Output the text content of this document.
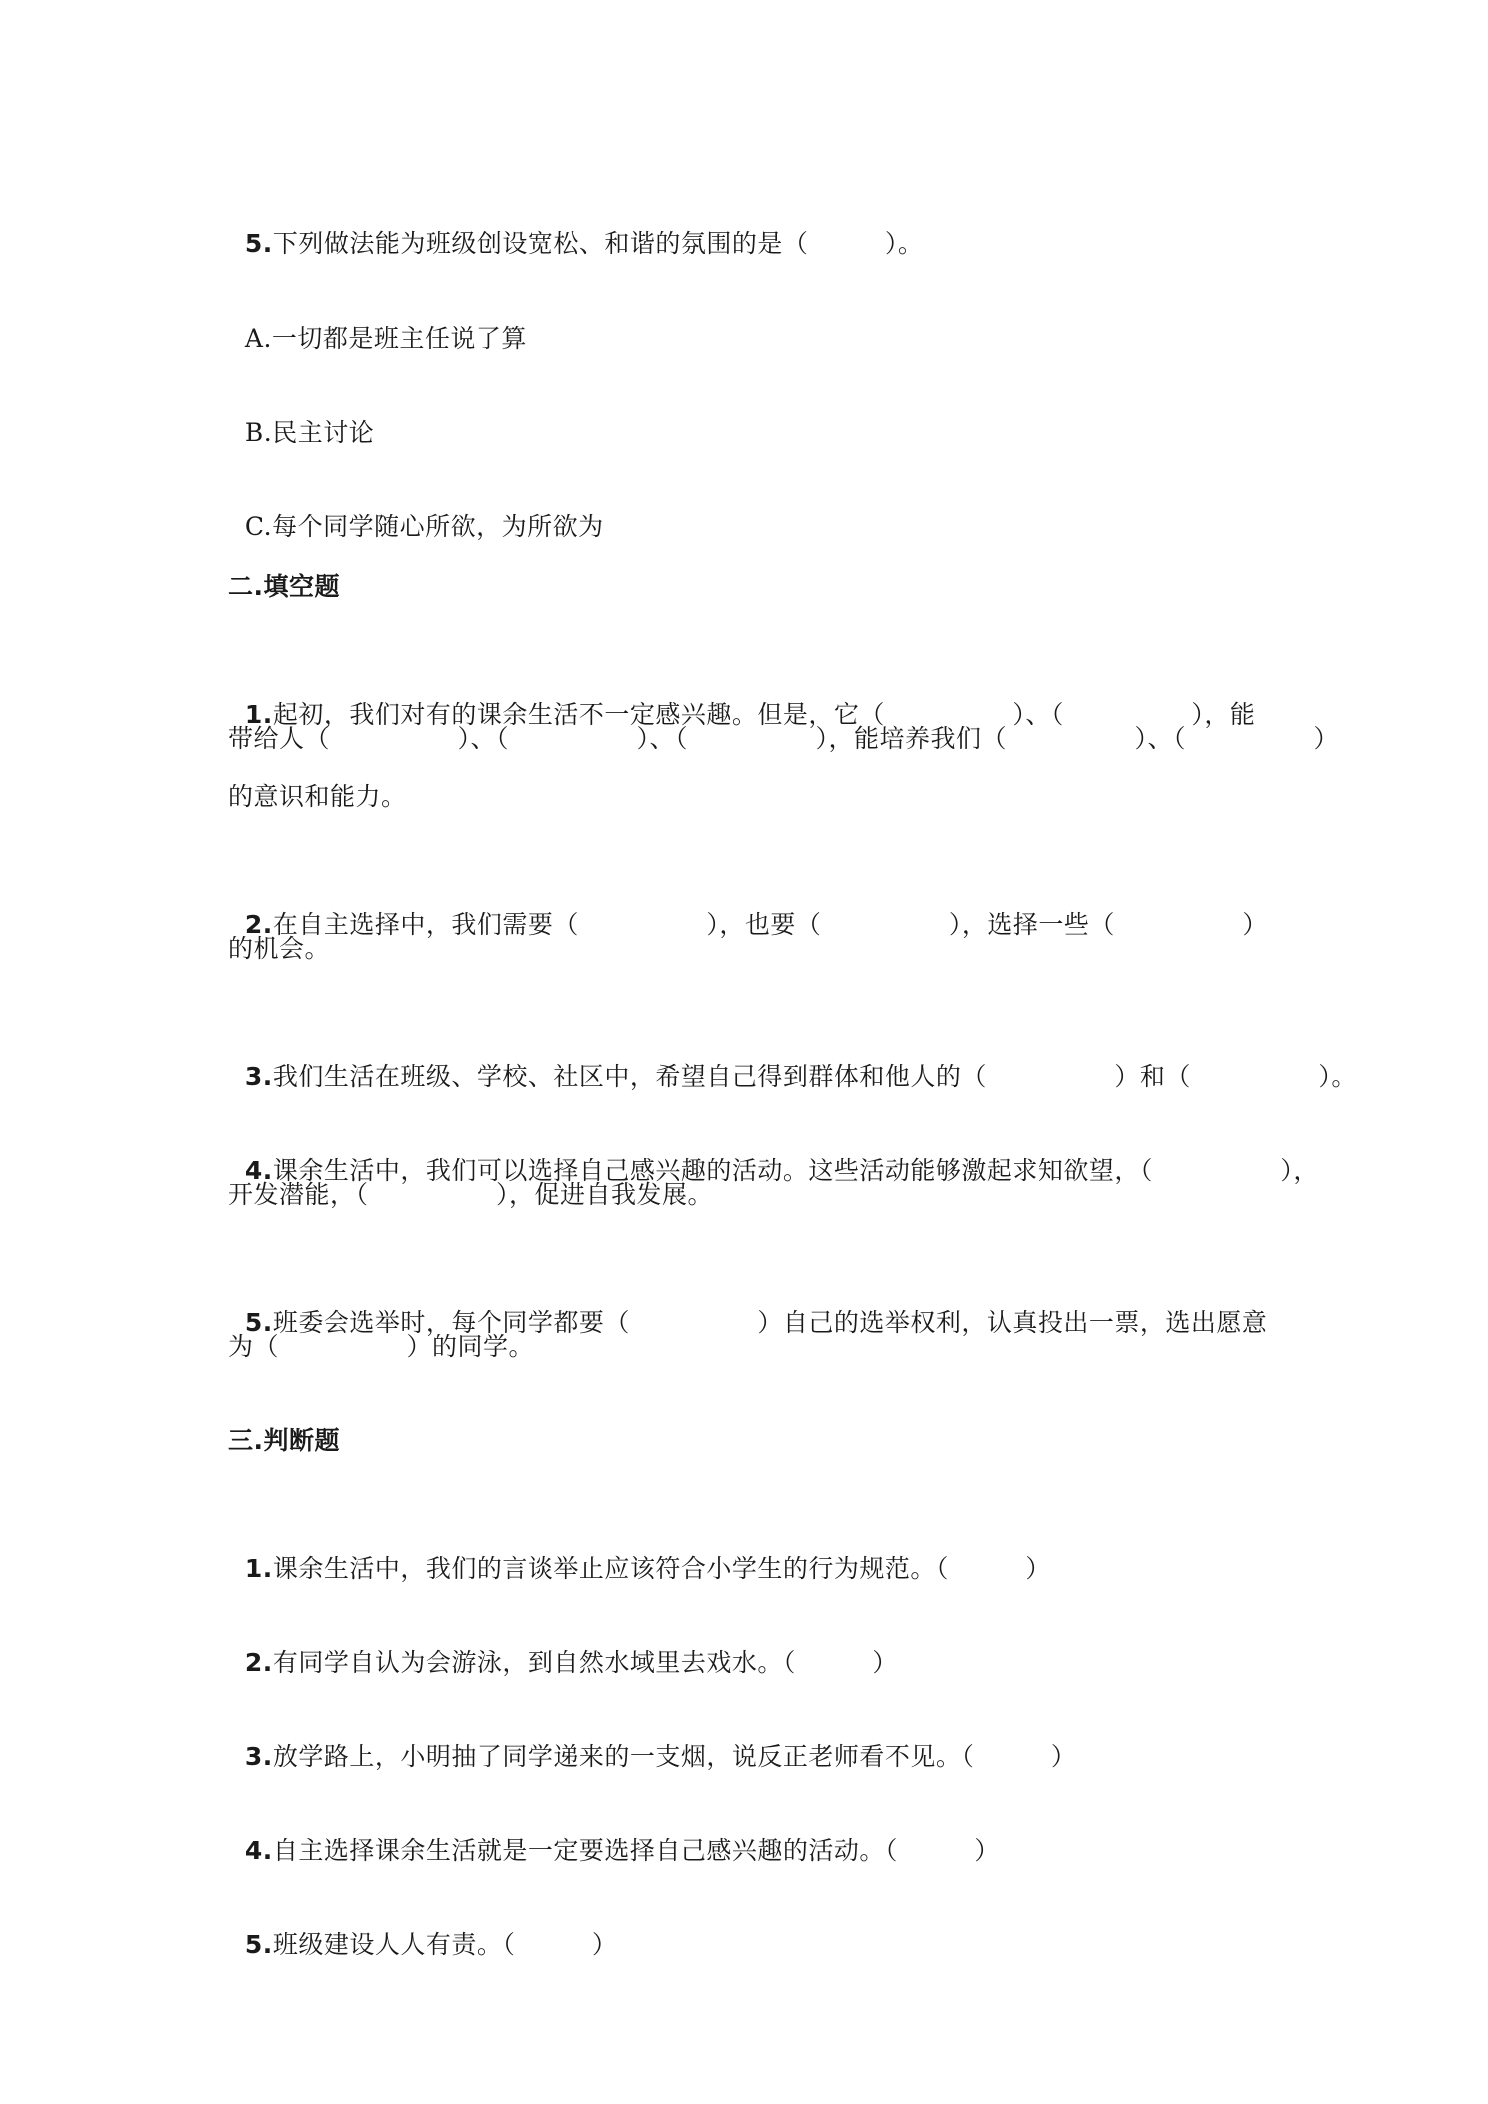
5.下列做法能为班级创设宽松、和谐的氛围的是（　　　）。

A.一切都是班主任说了算

B.民主讨论

C.每个同学随心所欲，为所欲为

二.填空题

1.起初，我们对有的课余生活不一定感兴趣。但是，它（　　　　　）、（　　　　　），能

带给人（　　　　　）、（　　　　　）、（　　　　　），能培养我们（　　　　　）、（　　　　　）
的意识和能力。

2.在自主选择中，我们需要（　　　　　），也要（　　　　　），选择一些（　　　　　）

的机会。

3.我们生活在班级、学校、社区中，希望自己得到群体和他人的（　　　　　）和（　　　　　）。

4.课余生活中，我们可以选择自己感兴趣的活动。这些活动能够激起求知欲望，（　　　　　），

开发潜能，（　　　　　），促进自我发展。

5.班委会选举时，每个同学都要（　　　　　）自己的选举权利，认真投出一票，选出愿意

为（　　　　　）的同学。
三.判断题

1.课余生活中，我们的言谈举止应该符合小学生的行为规范。（　　　）

2.有同学自认为会游泳，到自然水域里去戏水。（　　　）

3.放学路上，小明抽了同学递来的一支烟，说反正老师看不见。（　　　）

4.自主选择课余生活就是一定要选择自己感兴趣的活动。（　　　）

5.班级建设人人有责。（　　　）
